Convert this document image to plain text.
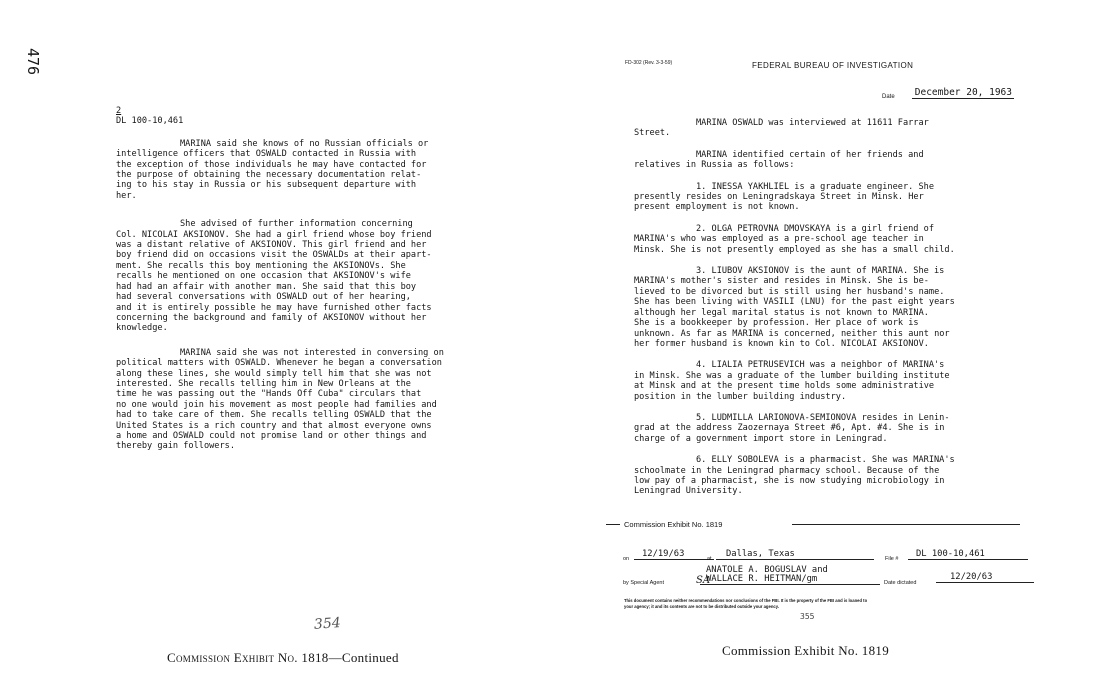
476
2
DL 100-10,461

MARINA said she knows of no Russian officials or
intelligence officers that OSWALD contacted in Russia with
the exception of those individuals he may have contacted for
the purpose of obtaining the necessary documentation relat-
ing to his stay in Russia or his subsequent departure with
her.

She advised of further information concerning
Col. NICOLAI AKSIONOV. She had a girl friend whose boy friend
was a distant relative of AKSIONOV. This girl friend and her
boy friend did on occasions visit the OSWALDs at their apart-
ment. She recalls this boy mentioning the AKSIONOVs. She
recalls he mentioned on one occasion that AKSIONOV's wife
had had an affair with another man. She said that this boy
had several conversations with OSWALD out of her hearing,
and it is entirely possible he may have furnished other facts
concerning the background and family of AKSIONOV without her
knowledge.

MARINA said she was not interested in conversing on
political matters with OSWALD. Whenever he began a conversation
along these lines, she would simply tell him that she was not
interested. She recalls telling him in New Orleans at the
time he was passing out the "Hands Off Cuba" circulars that
no one would join his movement as most people had families and
had to take care of them. She recalls telling OSWALD that the
United States is a rich country and that almost everyone owns
a home and OSWALD could not promise land or other things and
thereby gain followers.

354
Commission Exhibit No. 1818—Continued
FD-302 (Rev. 3-3-59)	FEDERAL BUREAU OF INVESTIGATION
Date December 20, 1963

MARINA OSWALD was interviewed at 11611 Farrar
Street.

MARINA identified certain of her friends and
relatives in Russia as follows:

1. INESSA YAKHLIEL is a graduate engineer. She
presently resides on Leningradskaya Street in Minsk. Her
present employment is not known.

2. OLGA PETROVNA DMOVSKAYA is a girl friend of
MARINA's who was employed as a pre-school age teacher in
Minsk. She is not presently employed as she has a small child.

3. LIUBOV AKSIONOV is the aunt of MARINA. She is
MARINA's mother's sister and resides in Minsk. She is be-
lieved to be divorced but is still using her husband's name.
She has been living with VASILI (LNU) for the past eight years
although her legal marital status is not known to MARINA.
She is a bookkeeper by profession. Her place of work is
unknown. As far as MARINA is concerned, neither this aunt nor
her former husband is known kin to Col. NICOLAI AKSIONOV.

4. LIALIA PETRUSEVICH was a neighbor of MARINA's
in Minsk. She was a graduate of the lumber building institute
at Minsk and at the present time holds some administrative
position in the lumber building industry.

5. LUDMILLA LARIONOVA-SEMIONOVA resides in Lenin-
grad at the address Zaozernaya Street #6, Apt. #4. She is in
charge of a government import store in Leningrad.

6. ELLY SOBOLEVA is a pharmacist. She was MARINA's
schoolmate in the Leningrad pharmacy school. Because of the
low pay of a pharmacist, she is now studying microbiology in
Leningrad University.

Commission Exhibit No. 1819
on	12/19/63	at	Dallas, Texas	File #	DL 100-10,461
ANATOLE A. BOGUSLAV and
by Special Agent	WALLACE R. HEITMAN/gm	Date dictated
12/20/63
SA
This document contains neither recommendations nor conclusions of the FBI. It is the property of the FBI and is loaned to
your agency; it and its contents are not to be distributed outside your agency.
355
Commission Exhibit No. 1819
